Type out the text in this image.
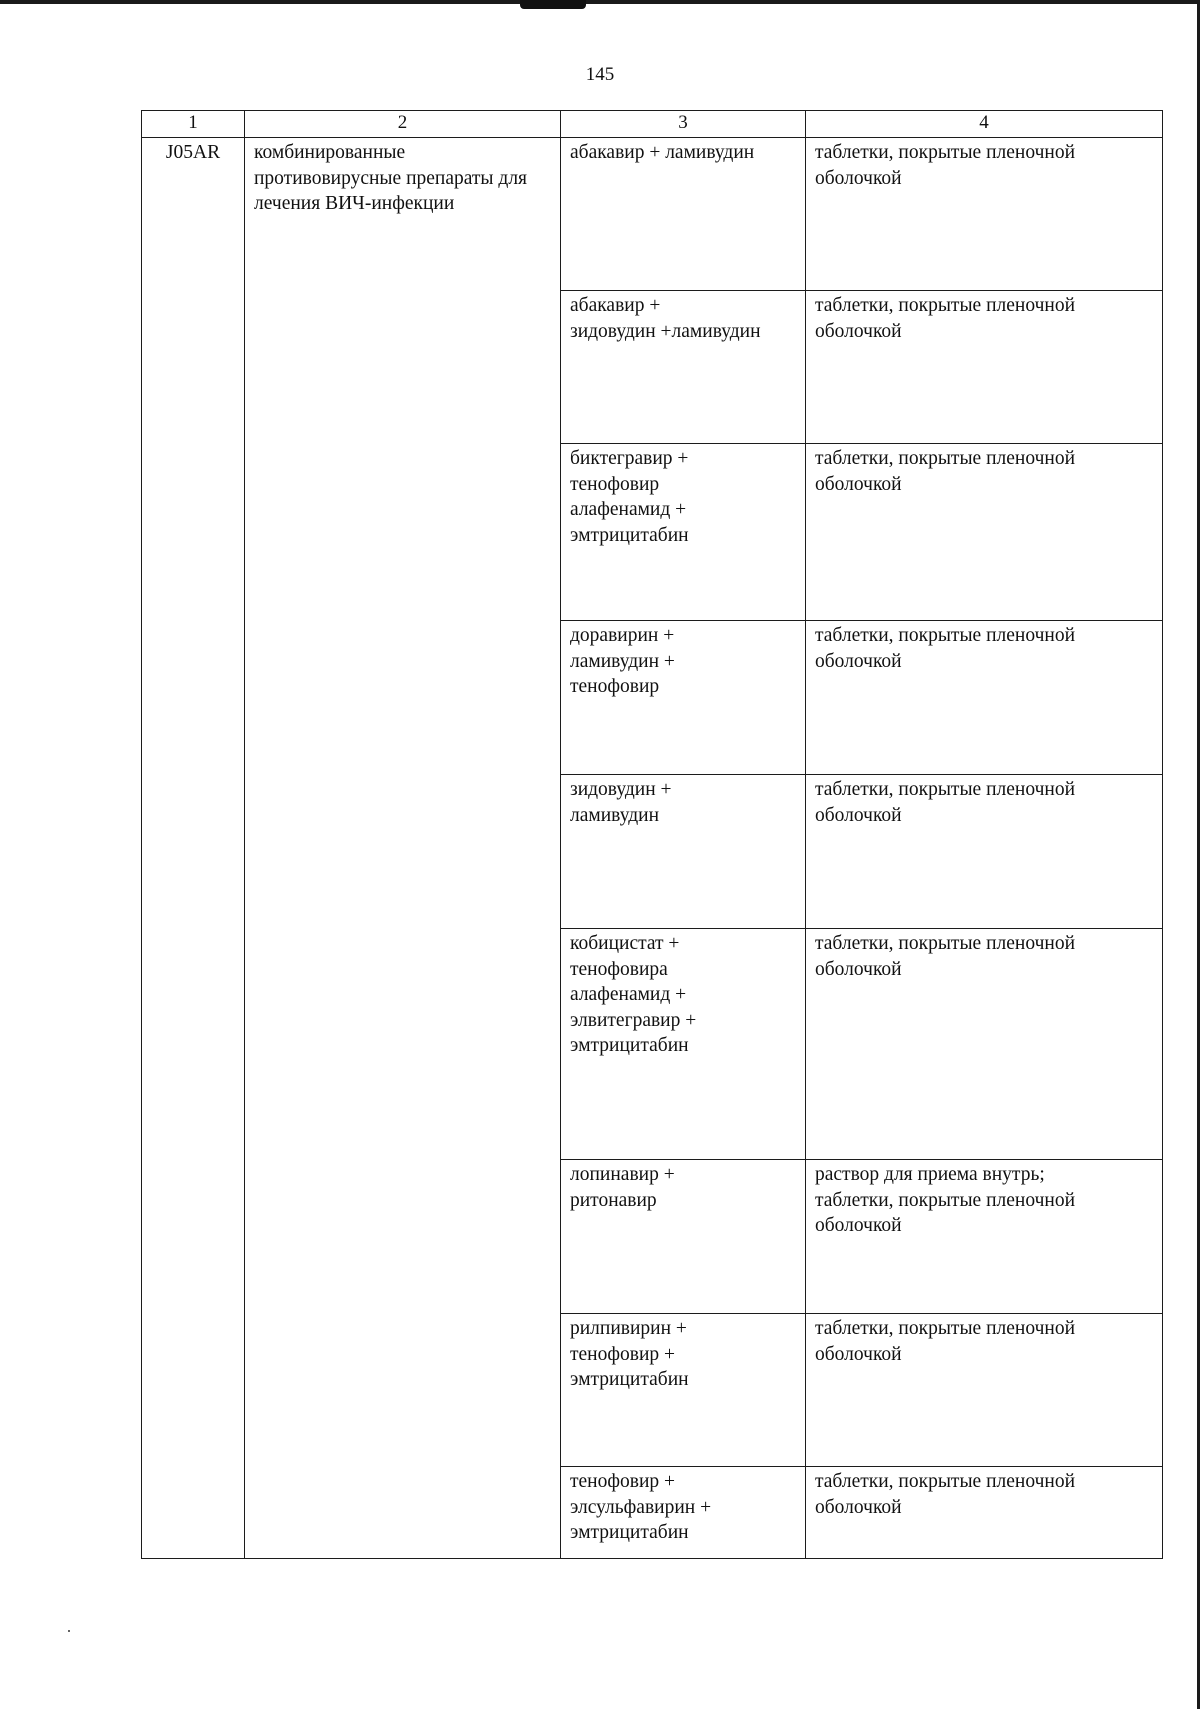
145
1	2	3	4
J05AR	комбинированные противовирусные препараты для лечения ВИЧ-инфекции	абакавир + ламивудин	таблетки, покрытые пленочной оболочкой

		абакавир +
зидовудин +ламивудин	таблетки, покрытые пленочной оболочкой

		биктегравир +
тенофовир
алафенамид +
эмтрицитабин	таблетки, покрытые пленочной оболочкой

		доравирин +
ламивудин +
тенофовир	таблетки, покрытые пленочной оболочкой

		зидовудин +
ламивудин	таблетки, покрытые пленочной оболочкой

		кобицистат +
тенофовира
алафенамид +
элвитегравир +
эмтрицитабин	таблетки, покрытые пленочной оболочкой

		лопинавир +
ритонавир	раствор для приема внутрь;
таблетки, покрытые пленочной оболочкой

		рилпивирин +
тенофовир +
эмтрицитабин	таблетки, покрытые пленочной оболочкой

		тенофовир +
элсульфавирин +
эмтрицитабин	таблетки, покрытые пленочной оболочкой
